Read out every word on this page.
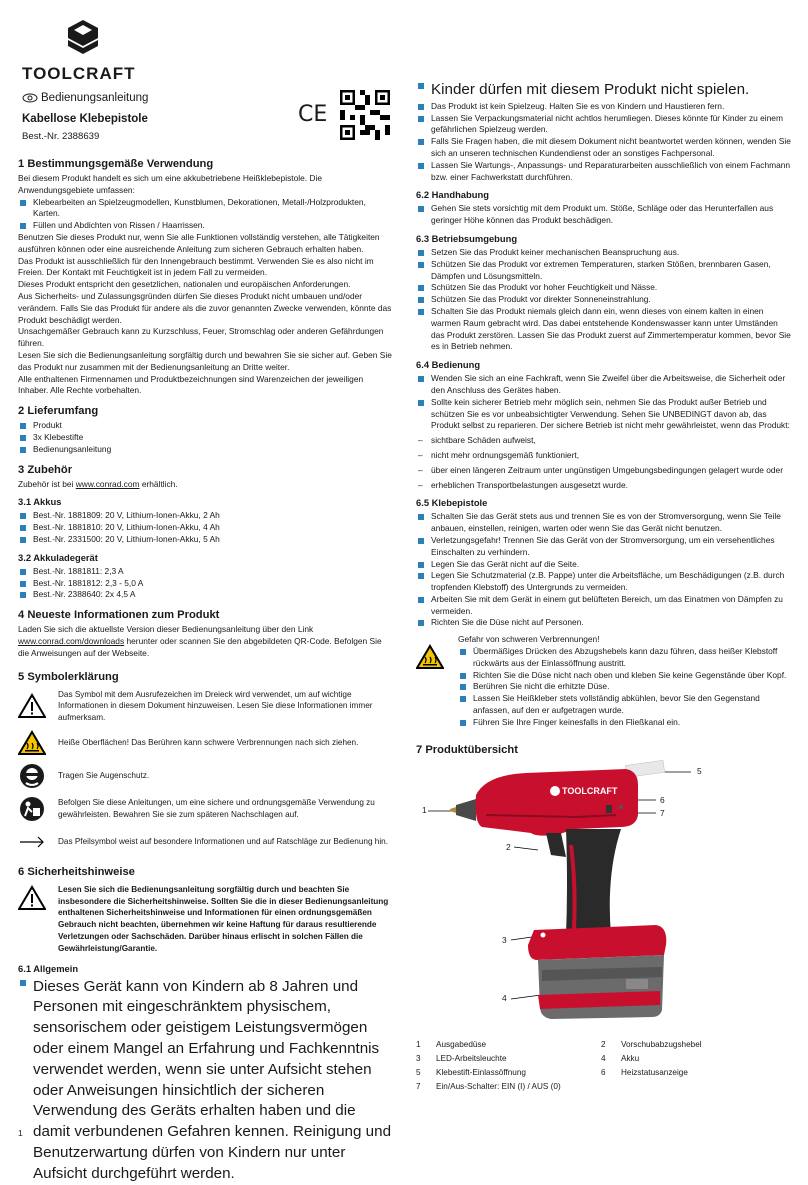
TOOLCRAFT
Bedienungsanleitung
Kabellose Klebepistole
Best.-Nr. 2388639
CE
1 Bestimmungsgemäße Verwendung

Bei diesem Produkt handelt es sich um eine akkubetriebene Heißklebepistole. Die Anwendungsgebiete umfassen:

Klebearbeiten an Spielzeugmodellen, Kunstblumen, Dekorationen, Metall-/Holzprodukten, Karten.
Füllen und Abdichten von Rissen / Haarrissen.

Benutzen Sie dieses Produkt nur, wenn Sie alle Funktionen vollständig verstehen, alle Tätigkeiten ausführen können oder eine ausreichende Anleitung zum sicheren Gebrauch erhalten haben.

Das Produkt ist ausschließlich für den Innengebrauch bestimmt. Verwenden Sie es also nicht im Freien. Der Kontakt mit Feuchtigkeit ist in jedem Fall zu vermeiden.

Dieses Produkt entspricht den gesetzlichen, nationalen und europäischen Anforderungen.

Aus Sicherheits- und Zulassungsgründen dürfen Sie dieses Produkt nicht umbauen und/oder verändern. Falls Sie das Produkt für andere als die zuvor genannten Zwecke verwenden, könnte das Produkt beschädigt werden.

Unsachgemäßer Gebrauch kann zu Kurzschluss, Feuer, Stromschlag oder anderen Gefährdungen führen.

Lesen Sie sich die Bedienungsanleitung sorgfältig durch und bewahren Sie sie sicher auf. Geben Sie das Produkt nur zusammen mit der Bedienungsanleitung an Dritte weiter.

Alle enthaltenen Firmennamen und Produktbezeichnungen sind Warenzeichen der jeweiligen Inhaber. Alle Rechte vorbehalten.

2 Lieferumfang
Produkt
3x Klebestifte
Bedienungsanleitung
3 Zubehör

Zubehör ist bei www.conrad.com erhältlich.

3.1 Akkus
Best.-Nr. 1881809: 20 V, Lithium-Ionen-Akku, 2 Ah
Best.-Nr. 1881810: 20 V, Lithium-Ionen-Akku, 4 Ah
Best.-Nr. 2331500: 20 V, Lithium-Ionen-Akku, 5 Ah
3.2 Akkuladegerät
Best.-Nr. 1881811: 2,3 A
Best.-Nr. 1881812: 2,3 - 5,0 A
Best.-Nr. 2388640: 2x 4,5 A
4 Neueste Informationen zum Produkt

Laden Sie sich die aktuellste Version dieser Bedienungsanleitung über den Link www.conrad.com/downloads herunter oder scannen Sie den abgebildeten QR-Code. Befolgen Sie die Anweisungen auf der Webseite.

5 Symbolerklärung

Das Symbol mit dem Ausrufezeichen im Dreieck wird verwendet, um auf wichtige Informationen in diesem Dokument hinzuweisen. Lesen Sie diese Informationen immer aufmerksam.

Heiße Oberflächen! Das Berühren kann schwere Verbrennungen nach sich ziehen.

Tragen Sie Augenschutz.

Befolgen Sie diese Anleitungen, um eine sichere und ordnungsgemäße Verwendung zu gewährleisten. Bewahren Sie sie zum späteren Nachschlagen auf.

Das Pfeilsymbol weist auf besondere Informationen und auf Ratschläge zur Bedienung hin.

6 Sicherheitshinweise

Lesen Sie sich die Bedienungsanleitung sorgfältig durch und beachten Sie insbesondere die Sicherheitshinweise. Sollten Sie die in dieser Bedienungsanleitung enthaltenen Sicherheitshinweise und Informationen für einen ordnungsgemäßen Gebrauch nicht beachten, übernehmen wir keine Haftung für daraus resultierende Verletzungen oder Sachschäden. Darüber hinaus erlischt in solchen Fällen die Gewährleistung/Garantie.

6.1 Allgemein
Dieses Gerät kann von Kindern ab 8 Jahren und Personen mit eingeschränktem physischem, sensorischem oder geistigem Leistungsvermögen oder einem Mangel an Erfahrung und Fachkenntnis verwendet werden, wenn sie unter Aufsicht stehen oder Anweisungen hinsichtlich der sicheren Verwendung des Geräts erhalten haben und die damit verbundenen Gefahren kennen. Reinigung und Benutzerwartung dürfen von Kindern nur unter Aufsicht durchgeführt werden.
Kinder dürfen mit diesem Produkt nicht spielen.
Das Produkt ist kein Spielzeug. Halten Sie es von Kindern und Haustieren fern.
Lassen Sie Verpackungsmaterial nicht achtlos herumliegen. Dieses könnte für Kinder zu einem gefährlichen Spielzeug werden.
Falls Sie Fragen haben, die mit diesem Dokument nicht beantwortet werden können, wenden Sie sich an unseren technischen Kundendienst oder an sonstiges Fachpersonal.
Lassen Sie Wartungs-, Anpassungs- und Reparaturarbeiten ausschließlich von einem Fachmann bzw. einer Fachwerkstatt durchführen.
6.2 Handhabung
Gehen Sie stets vorsichtig mit dem Produkt um. Stöße, Schläge oder das Herunterfallen aus geringer Höhe können das Produkt beschädigen.
6.3 Betriebsumgebung
Setzen Sie das Produkt keiner mechanischen Beanspruchung aus.
Schützen Sie das Produkt vor extremen Temperaturen, starken Stößen, brennbaren Gasen, Dämpfen und Lösungsmitteln.
Schützen Sie das Produkt vor hoher Feuchtigkeit und Nässe.
Schützen Sie das Produkt vor direkter Sonneneinstrahlung.
Schalten Sie das Produkt niemals gleich dann ein, wenn dieses von einem kalten in einen warmen Raum gebracht wird. Das dabei entstehende Kondenswasser kann unter Umständen das Produkt zerstören. Lassen Sie das Produkt zuerst auf Zimmertemperatur kommen, bevor Sie es in Betrieb nehmen.
6.4 Bedienung
Wenden Sie sich an eine Fachkraft, wenn Sie Zweifel über die Arbeitsweise, die Sicherheit oder den Anschluss des Gerätes haben.
Sollte kein sicherer Betrieb mehr möglich sein, nehmen Sie das Produkt außer Betrieb und schützen Sie es vor unbeabsichtigter Verwendung. Sehen Sie UNBEDINGT davon ab, das Produkt selbst zu reparieren. Der sichere Betrieb ist nicht mehr gewährleistet, wenn das Produkt:
– sichtbare Schäden aufweist,
– nicht mehr ordnungsgemäß funktioniert,
– über einen längeren Zeitraum unter ungünstigen Umgebungsbedingungen gelagert wurde oder
– erheblichen Transportbelastungen ausgesetzt wurde.
6.5 Klebepistole
Schalten Sie das Gerät stets aus und trennen Sie es von der Stromversorgung, wenn Sie Teile anbauen, einstellen, reinigen, warten oder wenn Sie das Gerät nicht benutzen.
Verletzungsgefahr! Trennen Sie das Gerät von der Stromversorgung, um ein versehentliches Einschalten zu verhindern.
Legen Sie das Gerät nicht auf die Seite.
Legen Sie Schutzmaterial (z.B. Pappe) unter die Arbeitsfläche, um Beschädigungen (z.B. durch tropfenden Klebstoff) des Untergrunds zu vermeiden.
Arbeiten Sie mit dem Gerät in einem gut belüfteten Bereich, um das Einatmen von Dämpfen zu vermeiden.
Richten Sie die Düse nicht auf Personen.

Gefahr von schweren Verbrennungen!

Übermäßiges Drücken des Abzugshebels kann dazu führen, dass heißer Klebstoff rückwärts aus der Einlassöffnung austritt.
Richten Sie die Düse nicht nach oben und kleben Sie keine Gegenstände über Kopf.
Berühren Sie nicht die erhitzte Düse.
Lassen Sie Heißkleber stets vollständig abkühlen, bevor Sie den Gegenstand anfassen, auf den er aufgetragen wurde.
Führen Sie Ihre Finger keinesfalls in den Fließkanal ein.
7 Produktübersicht
TOOLCRAFT
1
2
3
4
5
6
7
1	Ausgabedüse	2	Vorschubabzugshebel
3	LED-Arbeitsleuchte	4	Akku
5	Klebestift-Einlassöffnung	6	Heizstatusanzeige
7	Ein/Aus-Schalter: EIN (I) / AUS (0)
1
